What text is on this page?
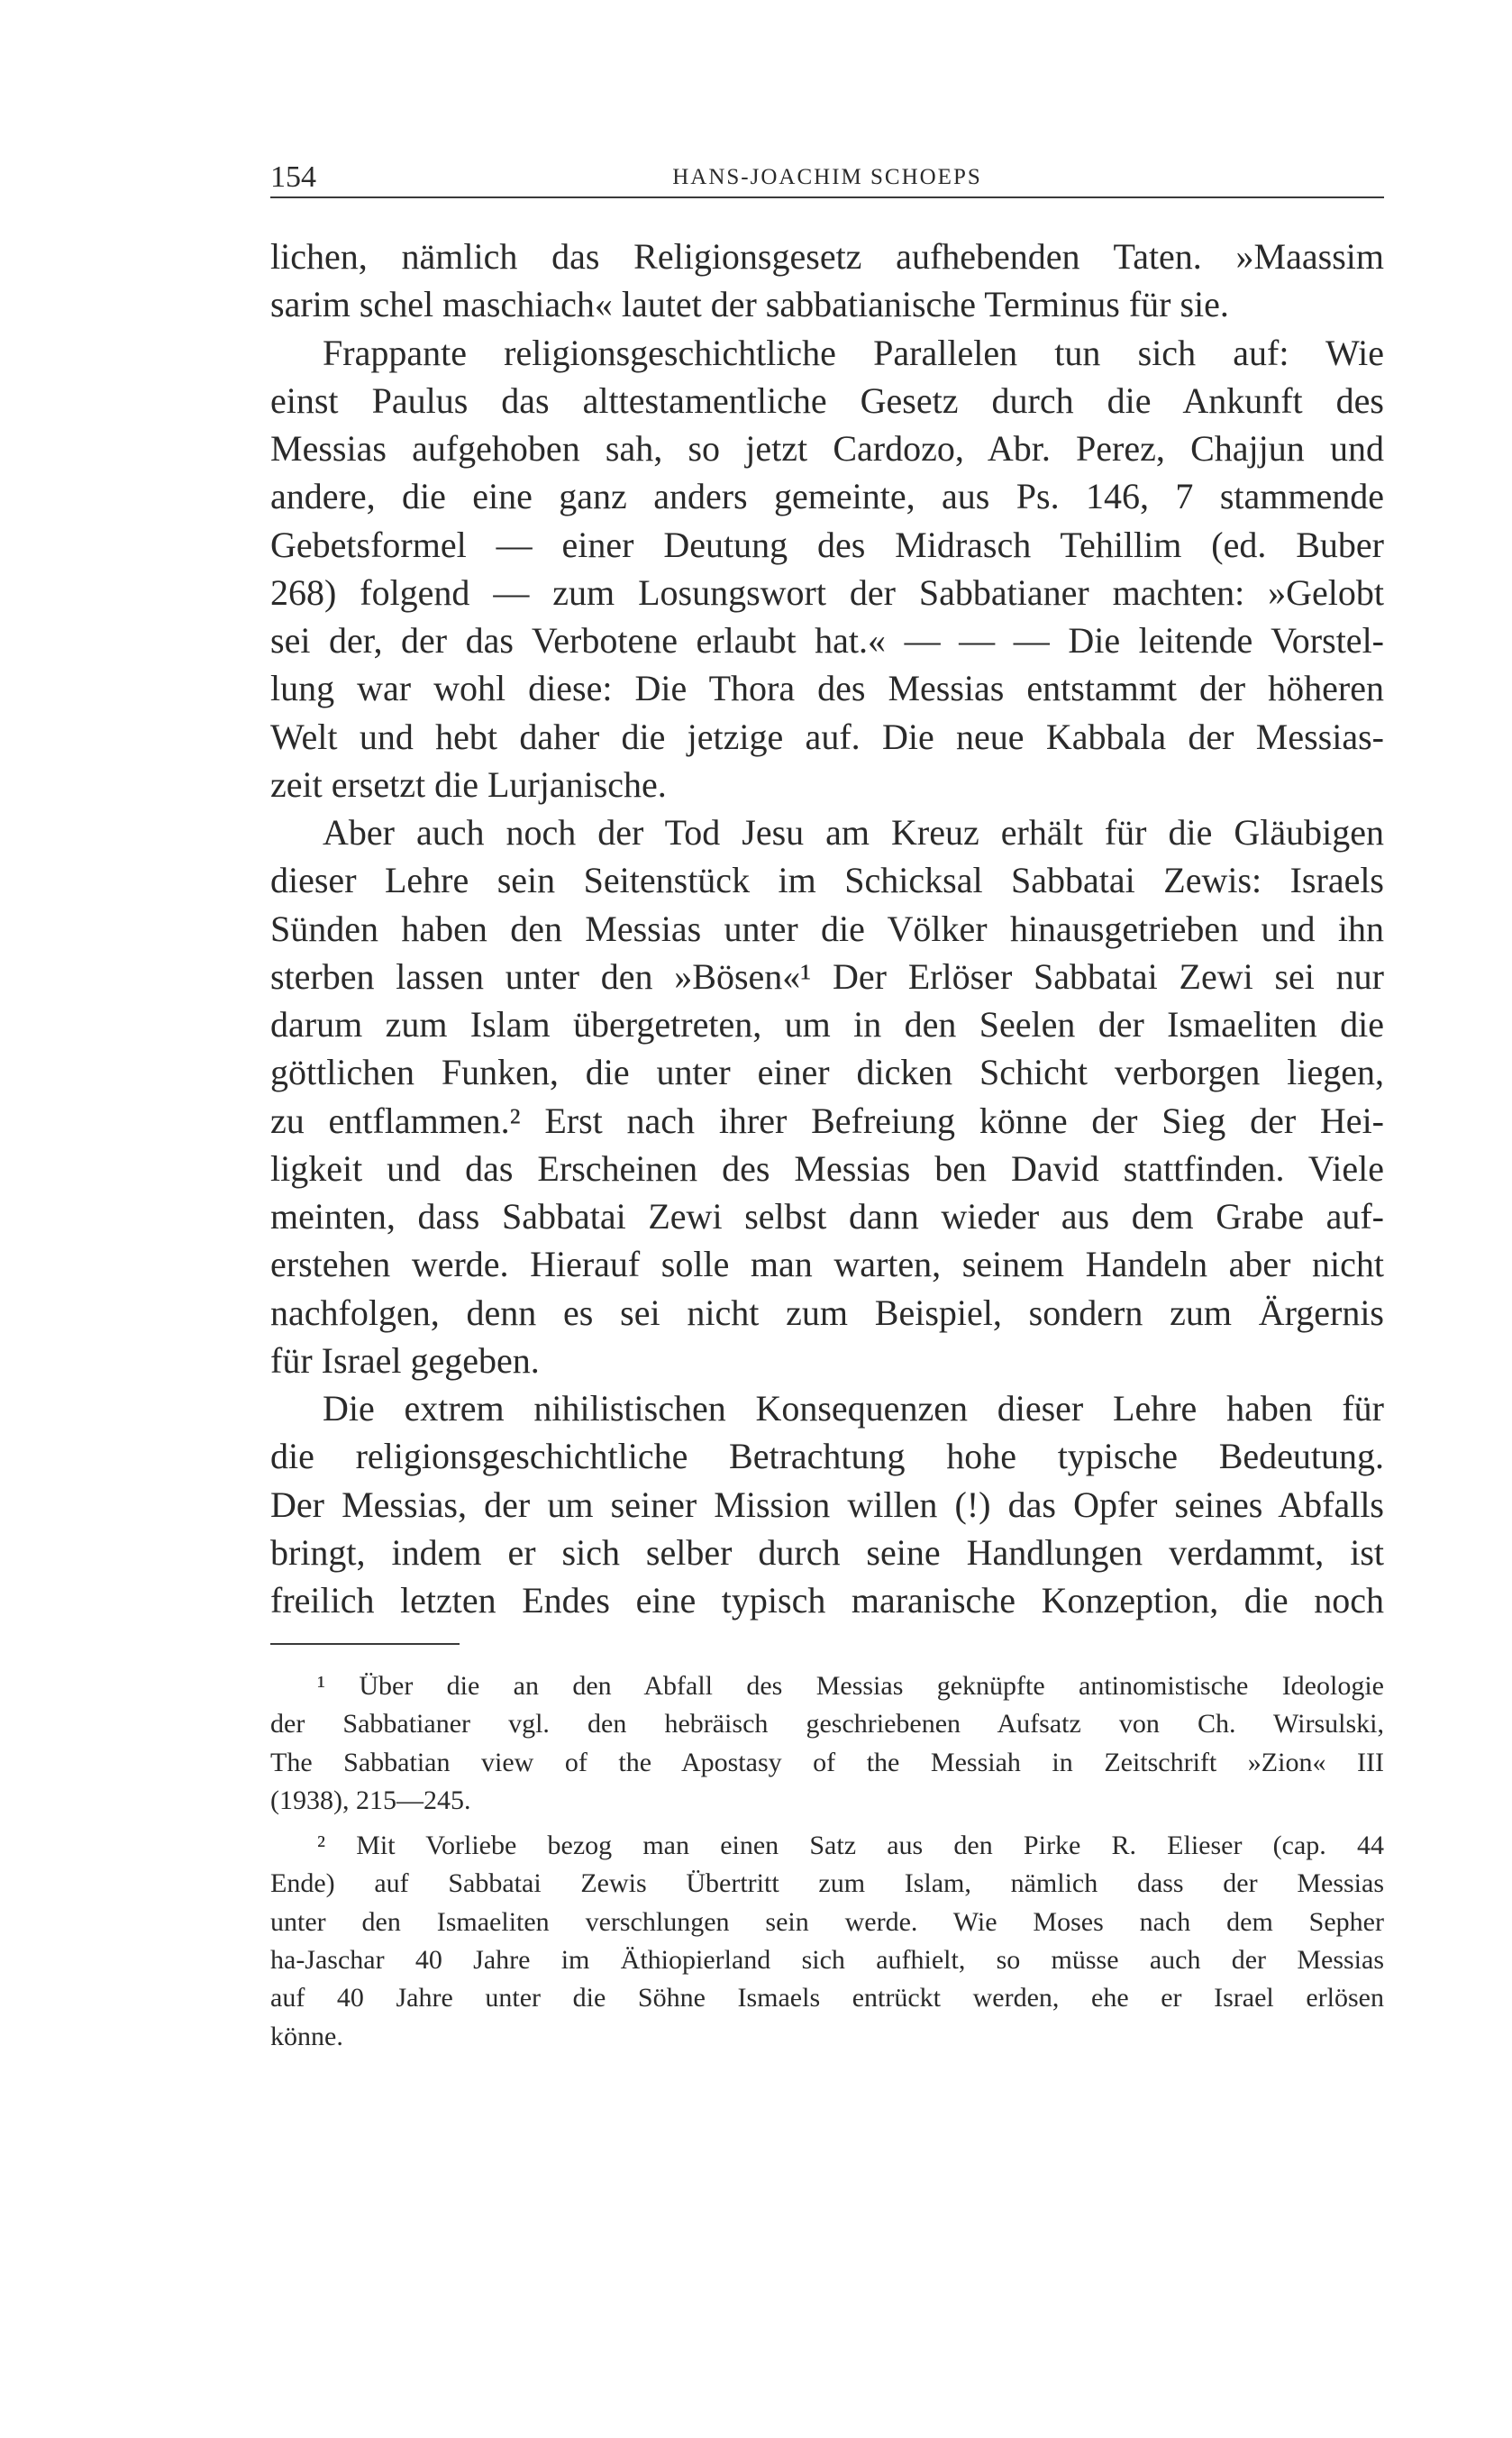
154	HANS-JOACHIM SCHOEPS
lichen, nämlich das Religionsgesetz aufhebenden Taten. »Maassim
sarim schel maschiach« lautet der sabbatianische Terminus für sie.
Frappante religionsgeschichtliche Parallelen tun sich auf: Wie
einst Paulus das alttestamentliche Gesetz durch die Ankunft des
Messias aufgehoben sah, so jetzt Cardozo, Abr. Perez, Chajjun und
andere, die eine ganz anders gemeinte, aus Ps. 146, 7 stammende
Gebetsformel — einer Deutung des Midrasch Tehillim (ed. Buber
268) folgend — zum Losungswort der Sabbatianer machten: »Gelobt
sei der, der das Verbotene erlaubt hat.« — — — Die leitende Vorstel-
lung war wohl diese: Die Thora des Messias entstammt der höheren
Welt und hebt daher die jetzige auf. Die neue Kabbala der Messias-
zeit ersetzt die Lurjanische.
Aber auch noch der Tod Jesu am Kreuz erhält für die Gläubigen
dieser Lehre sein Seitenstück im Schicksal Sabbatai Zewis: Israels
Sünden haben den Messias unter die Völker hinausgetrieben und ihn
sterben lassen unter den »Bösen«¹ Der Erlöser Sabbatai Zewi sei nur
darum zum Islam übergetreten, um in den Seelen der Ismaeliten die
göttlichen Funken, die unter einer dicken Schicht verborgen liegen,
zu entflammen.² Erst nach ihrer Befreiung könne der Sieg der Hei-
ligkeit und das Erscheinen des Messias ben David stattfinden. Viele
meinten, dass Sabbatai Zewi selbst dann wieder aus dem Grabe auf-
erstehen werde. Hierauf solle man warten, seinem Handeln aber nicht
nachfolgen, denn es sei nicht zum Beispiel, sondern zum Ärgernis
für Israel gegeben.
Die extrem nihilistischen Konsequenzen dieser Lehre haben für
die religionsgeschichtliche Betrachtung hohe typische Bedeutung.
Der Messias, der um seiner Mission willen (!) das Opfer seines Abfalls
bringt, indem er sich selber durch seine Handlungen verdammt, ist
freilich letzten Endes eine typisch maranische Konzeption, die noch
¹ Über die an den Abfall des Messias geknüpfte antinomistische Ideologie
der Sabbatianer vgl. den hebräisch geschriebenen Aufsatz von Ch. Wirsulski,
The Sabbatian view of the Apostasy of the Messiah in Zeitschrift »Zion« III
(1938), 215—245.
² Mit Vorliebe bezog man einen Satz aus den Pirke R. Elieser (cap. 44
Ende) auf Sabbatai Zewis Übertritt zum Islam, nämlich dass der Messias
unter den Ismaeliten verschlungen sein werde. Wie Moses nach dem Sepher
ha-Jaschar 40 Jahre im Äthiopierland sich aufhielt, so müsse auch der Messias
auf 40 Jahre unter die Söhne Ismaels entrückt werden, ehe er Israel erlösen
könne.
